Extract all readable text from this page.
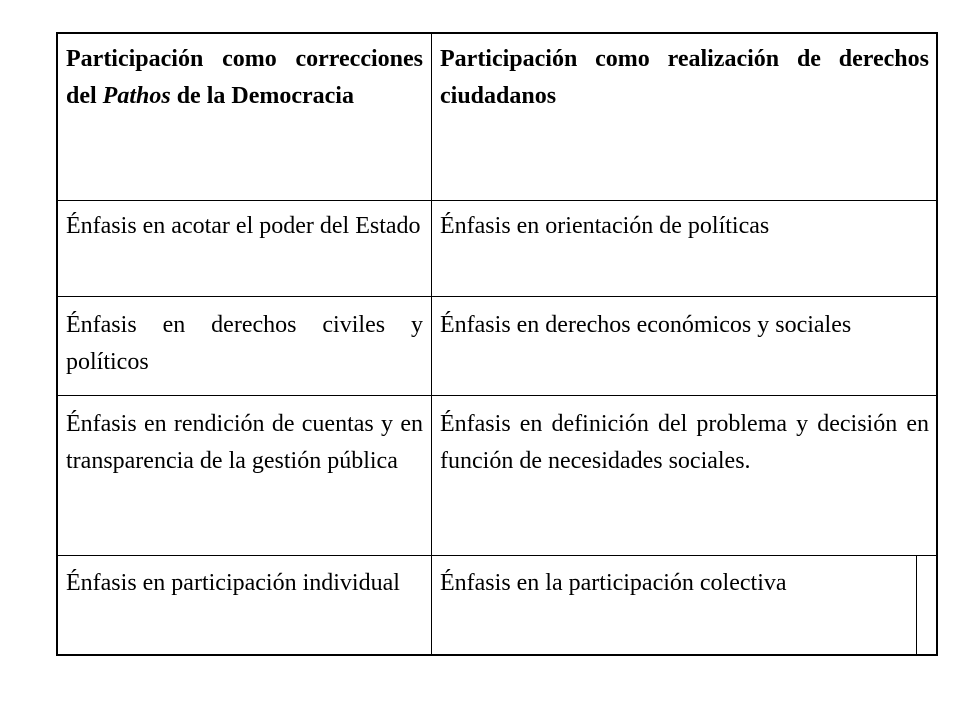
Participación como correcciones del Pathos de la Democracia
Participación como realización de derechos ciudadanos
Énfasis en acotar el poder del Estado Énfasis en orientación de políticas
Énfasis en derechos civiles y políticos
Énfasis en derechos económicos y sociales
Énfasis en rendición de cuentas y en transparencia de la gestión pública
Énfasis en definición del problema y decisión en función de necesidades sociales.
Énfasis en participación individual	Énfasis en la participación colectiva
